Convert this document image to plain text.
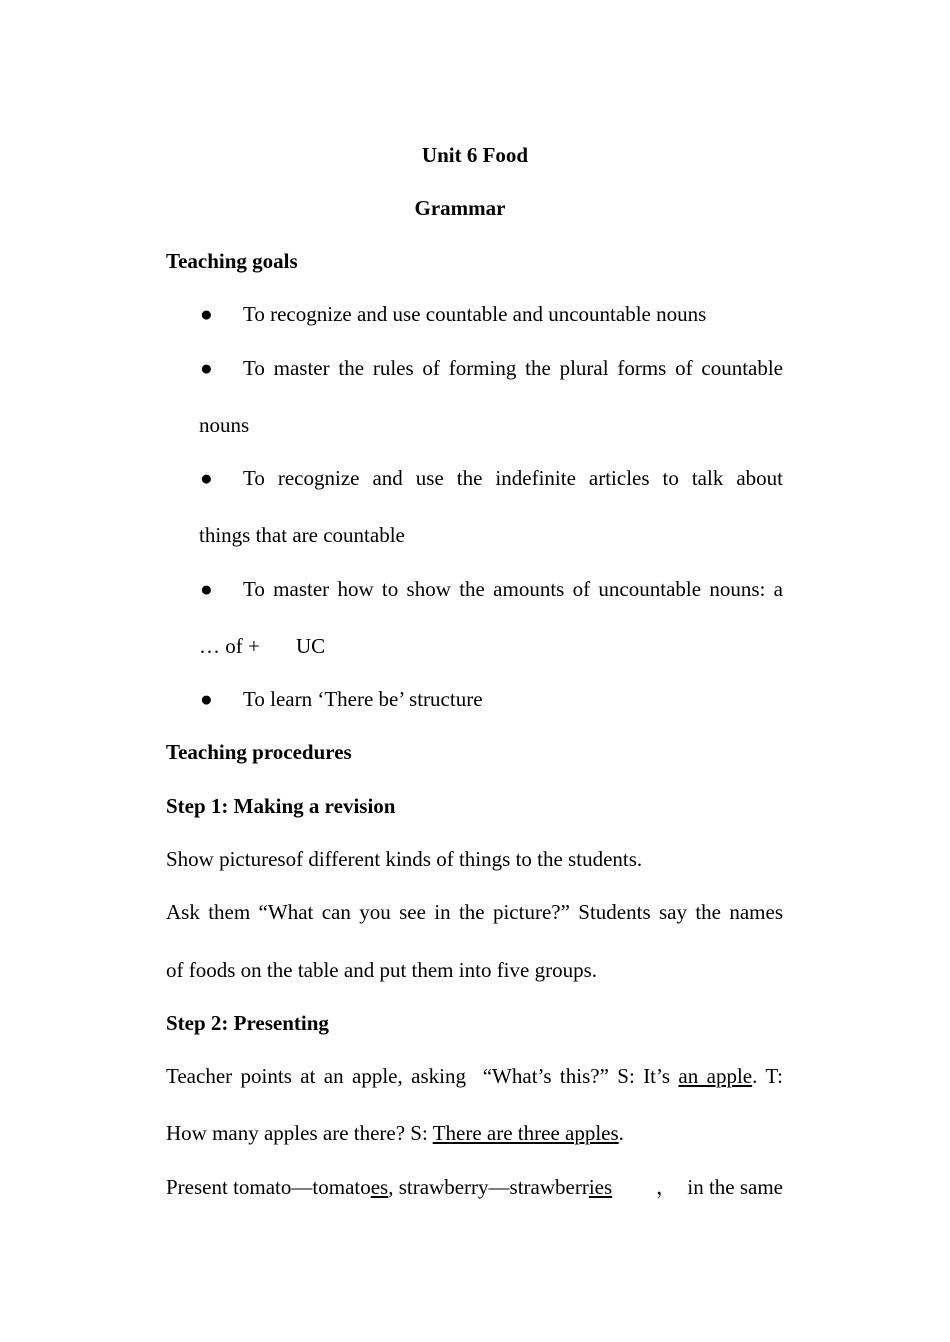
Unit 6 Food
Grammar
Teaching goals
● To recognize and use countable and uncountable nouns
● To master the rules of forming the plural forms of countable
nouns
● To recognize and use the indefinite articles to talk about
things that are countable
● To master how to show the amounts of uncountable nouns: a
… of + UC
● To learn ‘There be’ structure
Teaching procedures
Step 1: Making a revision
Show picturesof different kinds of things to the students.
Ask them “What can you see in the picture?” Students say the names
of foods on the table and put them into five groups.
Step 2: Presenting
Teacher points at an apple, asking  “What’s this?” S: It’s an apple. T:
How many apples are there? S: There are three apples.
Present tomato—tomatoes, strawberry—strawberries ，  in the same
